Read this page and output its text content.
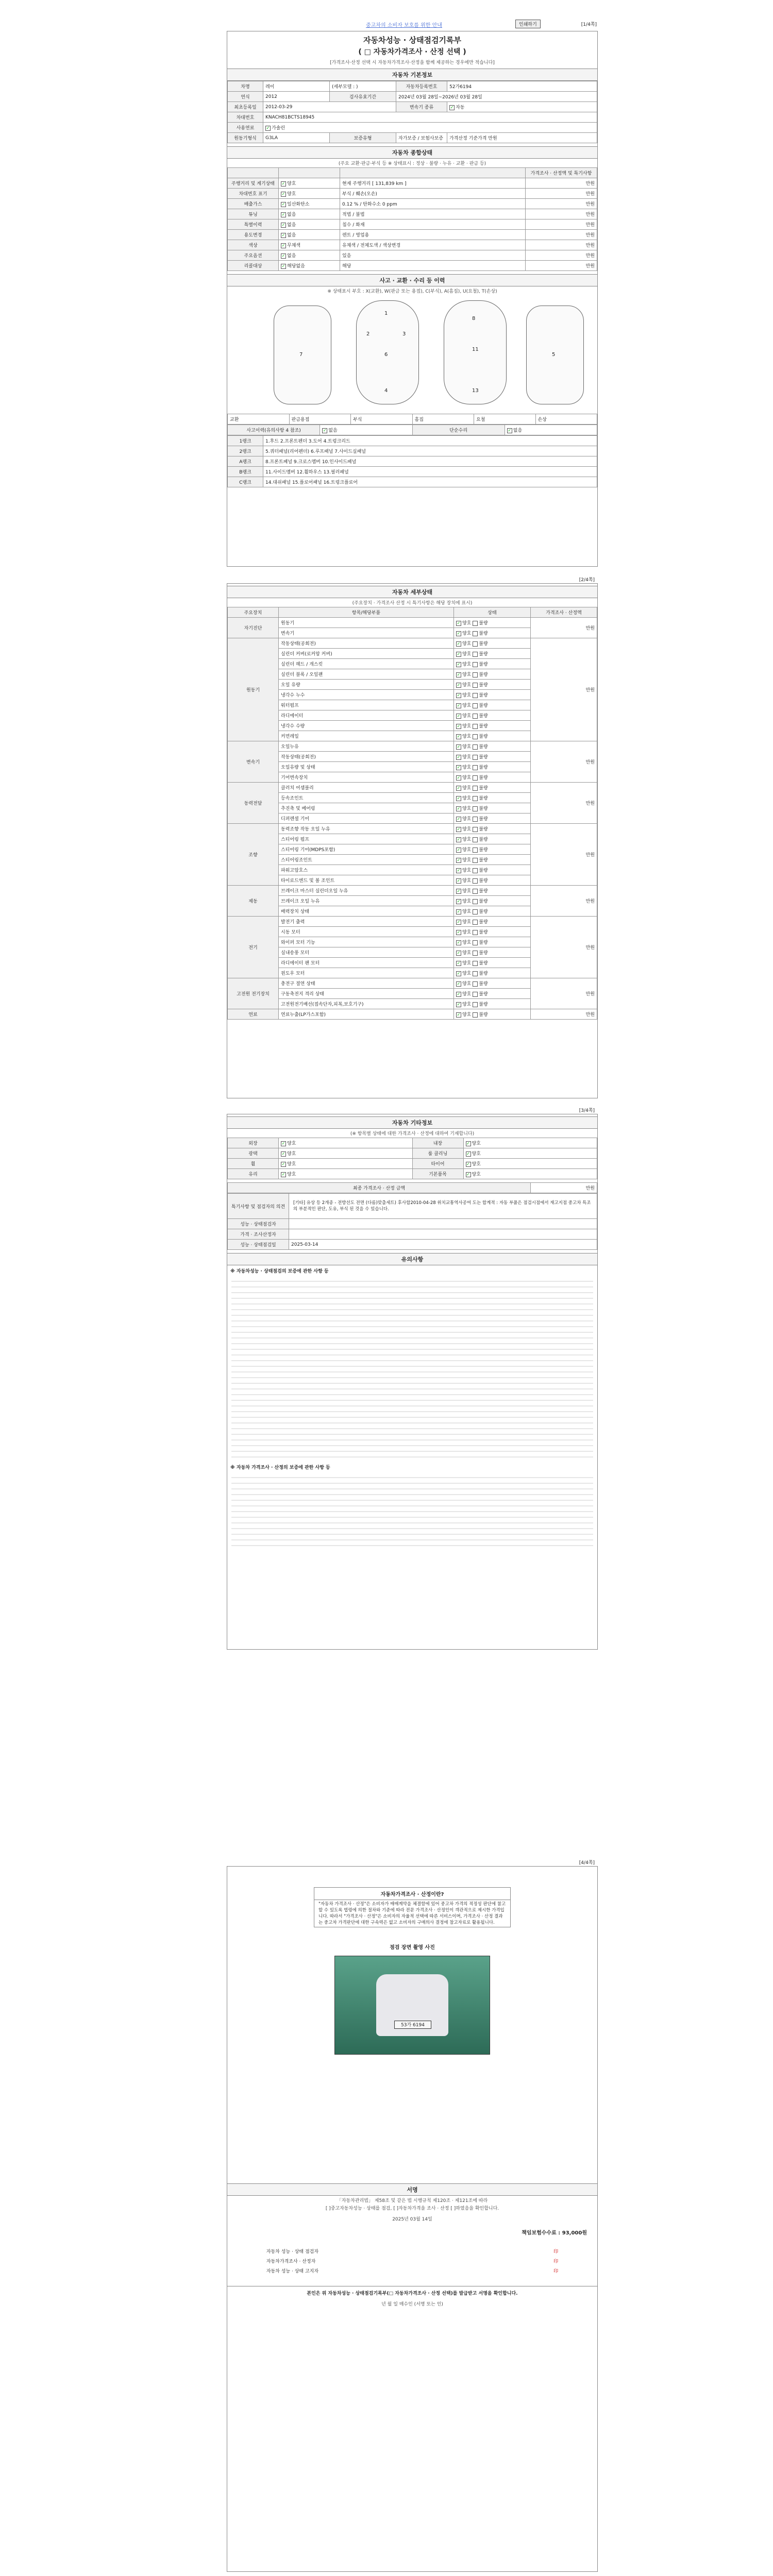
중고차의 소비자 보호를 위한 안내	인쇄하기	[1/4쪽]
자동차성능 · 상태점검기록부
( □ 자동차가격조사 · 산정 선택 )
[가격조사·산정 선택 시 자동차가격조사·산정을 함께 제공하는 경우에만 적습니다]
자동차 기본정보
차명	레이	(세부모델 : )	자동차등록번호	52가6194
연식	2012	검사유효기간	2024년 03월 28일~2026년 03월 28일	
최초등록일	2012-03-29		변속기 종류	✓자동
차대번호	KNACH81BCTS18945			
사용연료	✓가솔린
원동기형식	G3LA	보증유형	자가보증 / 보험사보증	가격산정 기준가격 만원
자동차 종합상태
(주요 교환·판금·부식 등 ※ 상태표시 : 정상 · 불량 · 누유 · 교환 · 판금 등)
			가격조사 · 산정액 및 특기사항
주행거리 및 계기상태	✓양호	현재 주행거리 [ 131,839 km ]	만원
차대번호 표기	✓양호	부식 / 훼손(오손)	만원
배출가스	✓일산화탄소	0.12 % / 탄화수소 0 ppm	만원
튜닝	✓없음	적법 / 불법	만원
특별이력	✓없음	침수 / 화재	만원
용도변경	✓없음	렌트 / 영업용	만원
색상	✓무채색	유채색 / 전체도색 / 색상변경	만원
주요옵션	✓없음	있음	만원
리콜대상	✓해당없음	해당	만원
사고 · 교환 · 수리 등 이력
※ 상태표시 부호 : X(교환), W(판금 또는 용접), C(부식), A(흠집), U(요철), T(손상)
1
2	3
6
4
8
11
13
7	5
교환	판금용접	부식	흠집	요철	손상
사고이력(유의사항 4 참조)	✓없음	단순수리	✓없음
1랭크	1.후드 2.프론트펜더 3.도어 4.트렁크리드
2랭크	5.쿼터패널(리어펜더) 6.루프패널 7.사이드실패널
A랭크	8.프론트패널 9.크로스멤버 10.인사이드패널
B랭크	11.사이드멤버 12.휠하우스 13.필러패널
C랭크	14.대쉬패널 15.플로어패널 16.트렁크플로어
[2/4쪽]
자동차 세부상태
(주요장치 · 가격조사 산정 시 특기사항은 해당 장치에 표시)
주요장치	항목/해당부품	상태	가격조사 · 산정액
자기진단	원동기	✓양호 불량	만원
	변속기	✓양호 불량
원동기	작동상태(공회전)	✓양호 불량	만원
	실린더 커버(로커암 커버)	✓양호 불량
	실린더 헤드 / 개스킷	✓양호 불량
	실린더 블록 / 오일팬	✓양호 불량
	오일 유량	✓양호 불량
	냉각수 누수	✓양호 불량
	워터펌프	✓양호 불량
	라디에이터	✓양호 불량
	냉각수 수량	✓양호 불량
	커먼레일	✓양호 불량
변속기	오일누유	✓양호 불량	만원
	작동상태(공회전)	✓양호 불량
	오일유량 및 상태	✓양호 불량
	기어변속장치	✓양호 불량
동력전달	클러치 어셈블리	✓양호 불량	만원
	등속조인트	✓양호 불량
	추진축 및 베어링	✓양호 불량
	디퍼렌셜 기어	✓양호 불량
조향	동력조향 작동 오일 누유	✓양호 불량	만원
	스티어링 펌프	✓양호 불량
	스티어링 기어(MDPS포함)	✓양호 불량
	스티어링조인트	✓양호 불량
	파워고압호스	✓양호 불량
	타이로드엔드 및 볼 조인트	✓양호 불량
제동	브레이크 마스터 실린더오일 누유	✓양호 불량	만원
	브레이크 오일 누유	✓양호 불량
	배력장치 상태	✓양호 불량
전기	발전기 출력	✓양호 불량	만원
	시동 모터	✓양호 불량
	와이퍼 모터 기능	✓양호 불량
	실내송풍 모터	✓양호 불량
	라디에이터 팬 모터	✓양호 불량
	윈도우 모터	✓양호 불량
고전원 전기장치	충전구 절연 상태	✓양호 불량	만원
	구동축전지 격리 상태	✓양호 불량
	고전원전기배선(접속단자,피복,보호기구)	✓양호 불량
연료	연료누출(LP가스포함)	✓양호 불량	만원
[3/4쪽]
자동차 기타정보
(※ 항목별 상태에 대한 가격조사 · 산정에 대하여 기재합니다)
외장	✓양호	내장	✓양호
광택	✓양호	룸 클리닝	✓양호
휠	✓양호	타이어	✓양호
유리	✓양호	기본품목	✓양호
최종 가격조사 · 산정 금액	만원
특기사항 및 점검자의 의견	[기타] 유상 등 2개종 - 전방선도 전면 (다름)맞출세트) 후사합2010-04-28 위치교통역사공여 도는 합계적 : 자동 부품은 점검시점에서 재고지점 중고차 특조의 부분적인 판단, 도유, 부식 된 것을 수 있습니다.
성능 · 상태점검자	
가격 · 조사산정자	
성능 · 상태점검일	2025-03-14
유의사항
※ 자동차성능 · 상태점검의 보증에 관한 사항 등
※ 자동차 가격조사 · 산정의 보증에 관한 사항 등
[4/4쪽]
자동차가격조사 · 산정이란?
"자동차 가격조사 · 산정"은 소비자가 매매계약을 체결함에 있어 중고차 가격의 적정성 판단에 참고할 수 있도록 법령에 의한 절차와 기준에 따라 전문 가격조사 · 산정인이 객관적으로 제시한 가격입니다. 따라서 "가격조사 · 산정"은 소비자의 자율적 선택에 따른 서비스이며, 가격조사 · 산정 결과는 중고차 가격판단에 대한 구속력은 없고 소비자의 구매의사 결정에 참고자료로 활용됩니다.
점검 장면 촬영 사진
53가 6194
서명
「자동차관리법」 제58조 및 같은 법 시행규칙 제120조 · 제121조에 따라
[ ]중고자동차성능 · 상태를 점검, [ ]자동차가격을 조사 · 산정 [ ]하였음을 확인합니다.
2025년 03월 14일
책임보험수수료 : 93,000원
자동차 성능 · 상태 점검자	印
자동차가격조사 · 산정자	印
자동차 성능 · 상태 고지자	印
본인은 위 자동차성능 · 상태점검기록부(□ 자동차가격조사 · 산정 선택)를 발급받고 서명을 확인합니다.
년 월 일 매수인 (서명 또는 인)
